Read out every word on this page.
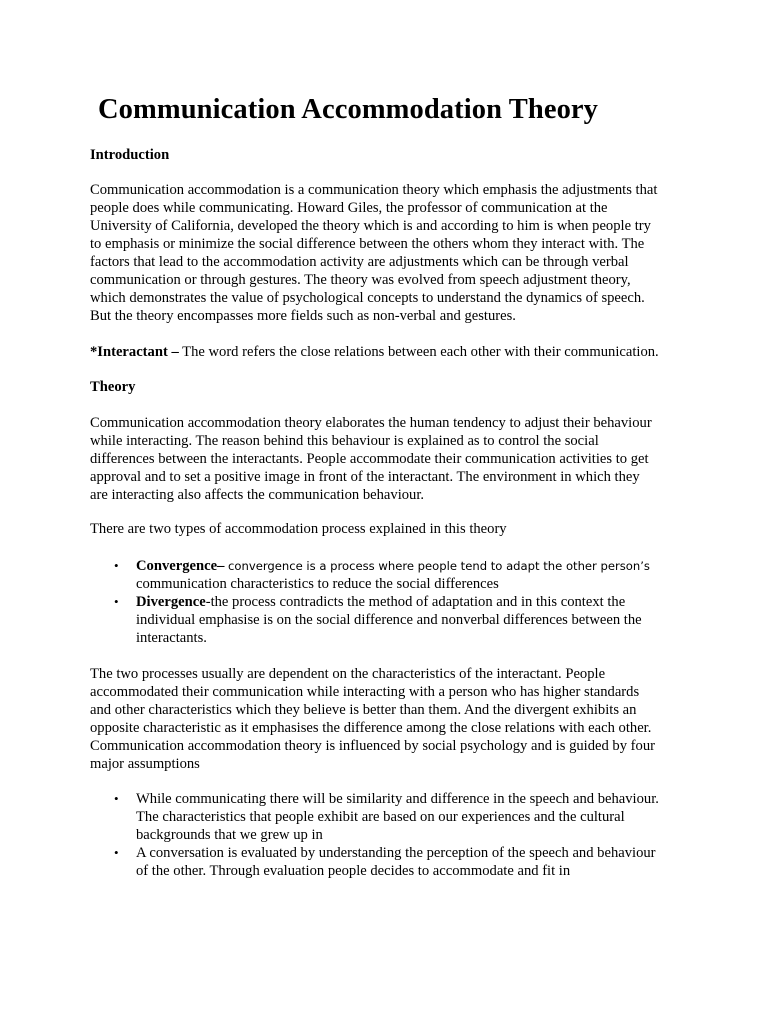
Communication Accommodation Theory

Introduction

Communication accommodation is a communication theory which emphasis the adjustments that
people does while communicating. Howard Giles, the professor of communication at the
University of California, developed the theory which is and according to him is when people try
to emphasis or minimize the social difference between the others whom they interact with. The
factors that lead to the accommodation activity are adjustments which can be through verbal
communication or through gestures. The theory was evolved from speech adjustment theory,
which demonstrates the value of psychological concepts to understand the dynamics of speech.
But the theory encompasses more fields such as non-verbal and gestures.

*Interactant – The word refers the close relations between each other with their communication.

Theory

Communication accommodation theory elaborates the human tendency to adjust their behaviour
while interacting. The reason behind this behaviour is explained as to control the social
differences between the interactants. People accommodate their communication activities to get
approval and to set a positive image in front of the interactant. The environment in which they
are interacting also affects the communication behaviour.

There are two types of accommodation process explained in this theory

• Convergence– convergence is a process where people tend to adapt the other person’s
communication characteristics to reduce the social differences
• Divergence-the process contradicts the method of adaptation and in this context the
individual emphasise is on the social difference and nonverbal differences between the
interactants.

The two processes usually are dependent on the characteristics of the interactant. People
accommodated their communication while interacting with a person who has higher standards
and other characteristics which they believe is better than them. And the divergent exhibits an
opposite characteristic as it emphasises the difference among the close relations with each other.
Communication accommodation theory is influenced by social psychology and is guided by four
major assumptions

• While communicating there will be similarity and difference in the speech and behaviour.
The characteristics that people exhibit are based on our experiences and the cultural
backgrounds that we grew up in
• A conversation is evaluated by understanding the perception of the speech and behaviour
of the other. Through evaluation people decides to accommodate and fit in
